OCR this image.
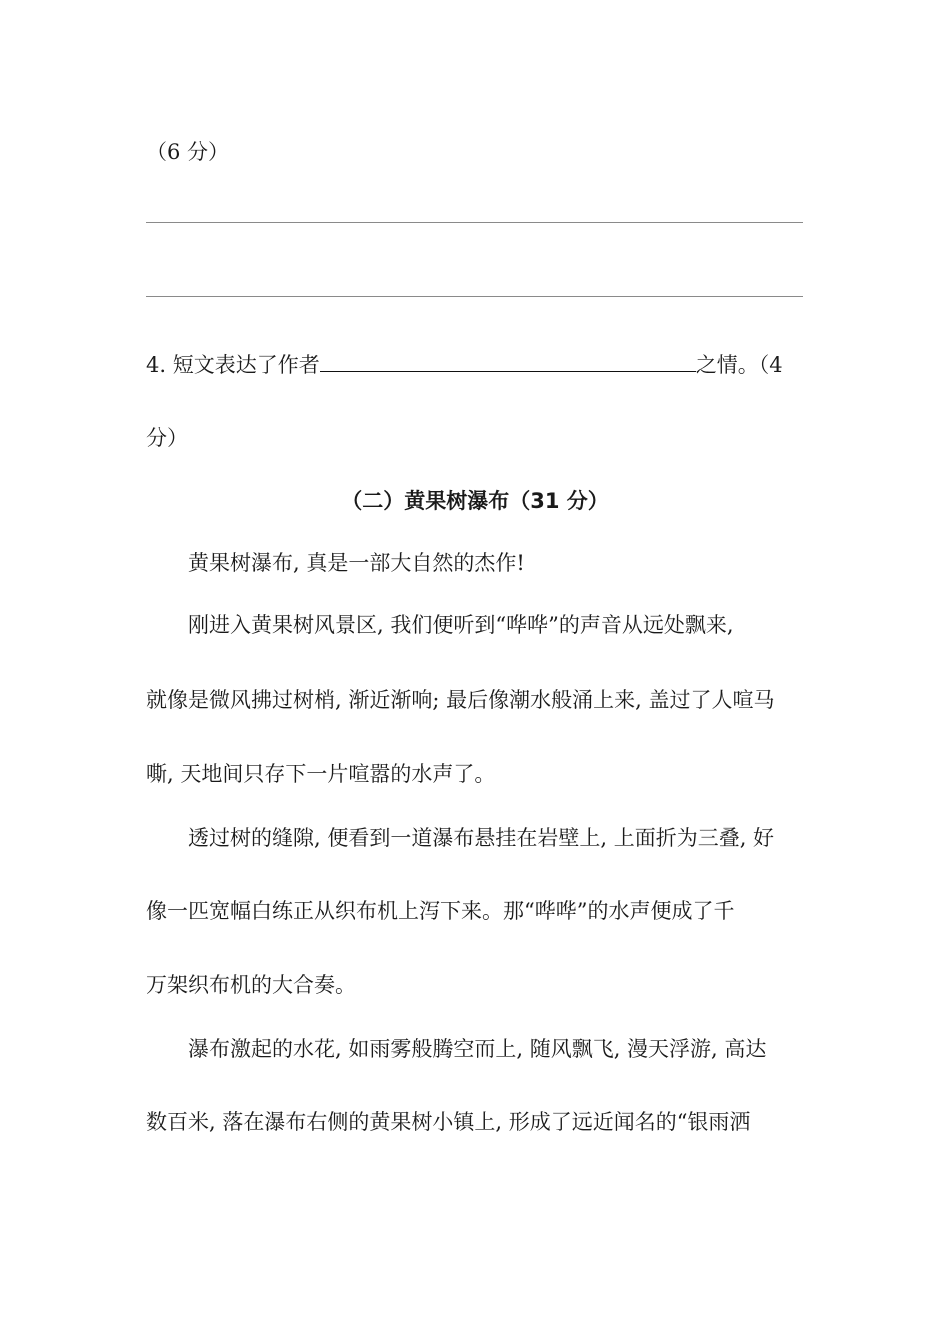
（6 分）
4. 短文表达了作者	之情。（4
分）
（二）黄果树瀑布（31 分）
黄果树瀑布, 真是一部大自然的杰作!
刚进入黄果树风景区, 我们便听到“哗哗”的声音从远处飘来,
就像是微风拂过树梢, 渐近渐响; 最后像潮水般涌上来, 盖过了人喧马
嘶, 天地间只存下一片喧嚣的水声了。
透过树的缝隙, 便看到一道瀑布悬挂在岩壁上, 上面折为三叠, 好
像一匹宽幅白练正从织布机上泻下来。那“哗哗”的水声便成了千
万架织布机的大合奏。
瀑布激起的水花, 如雨雾般腾空而上, 随风飘飞, 漫天浮游, 高达
数百米, 落在瀑布右侧的黄果树小镇上, 形成了远近闻名的“银雨洒
